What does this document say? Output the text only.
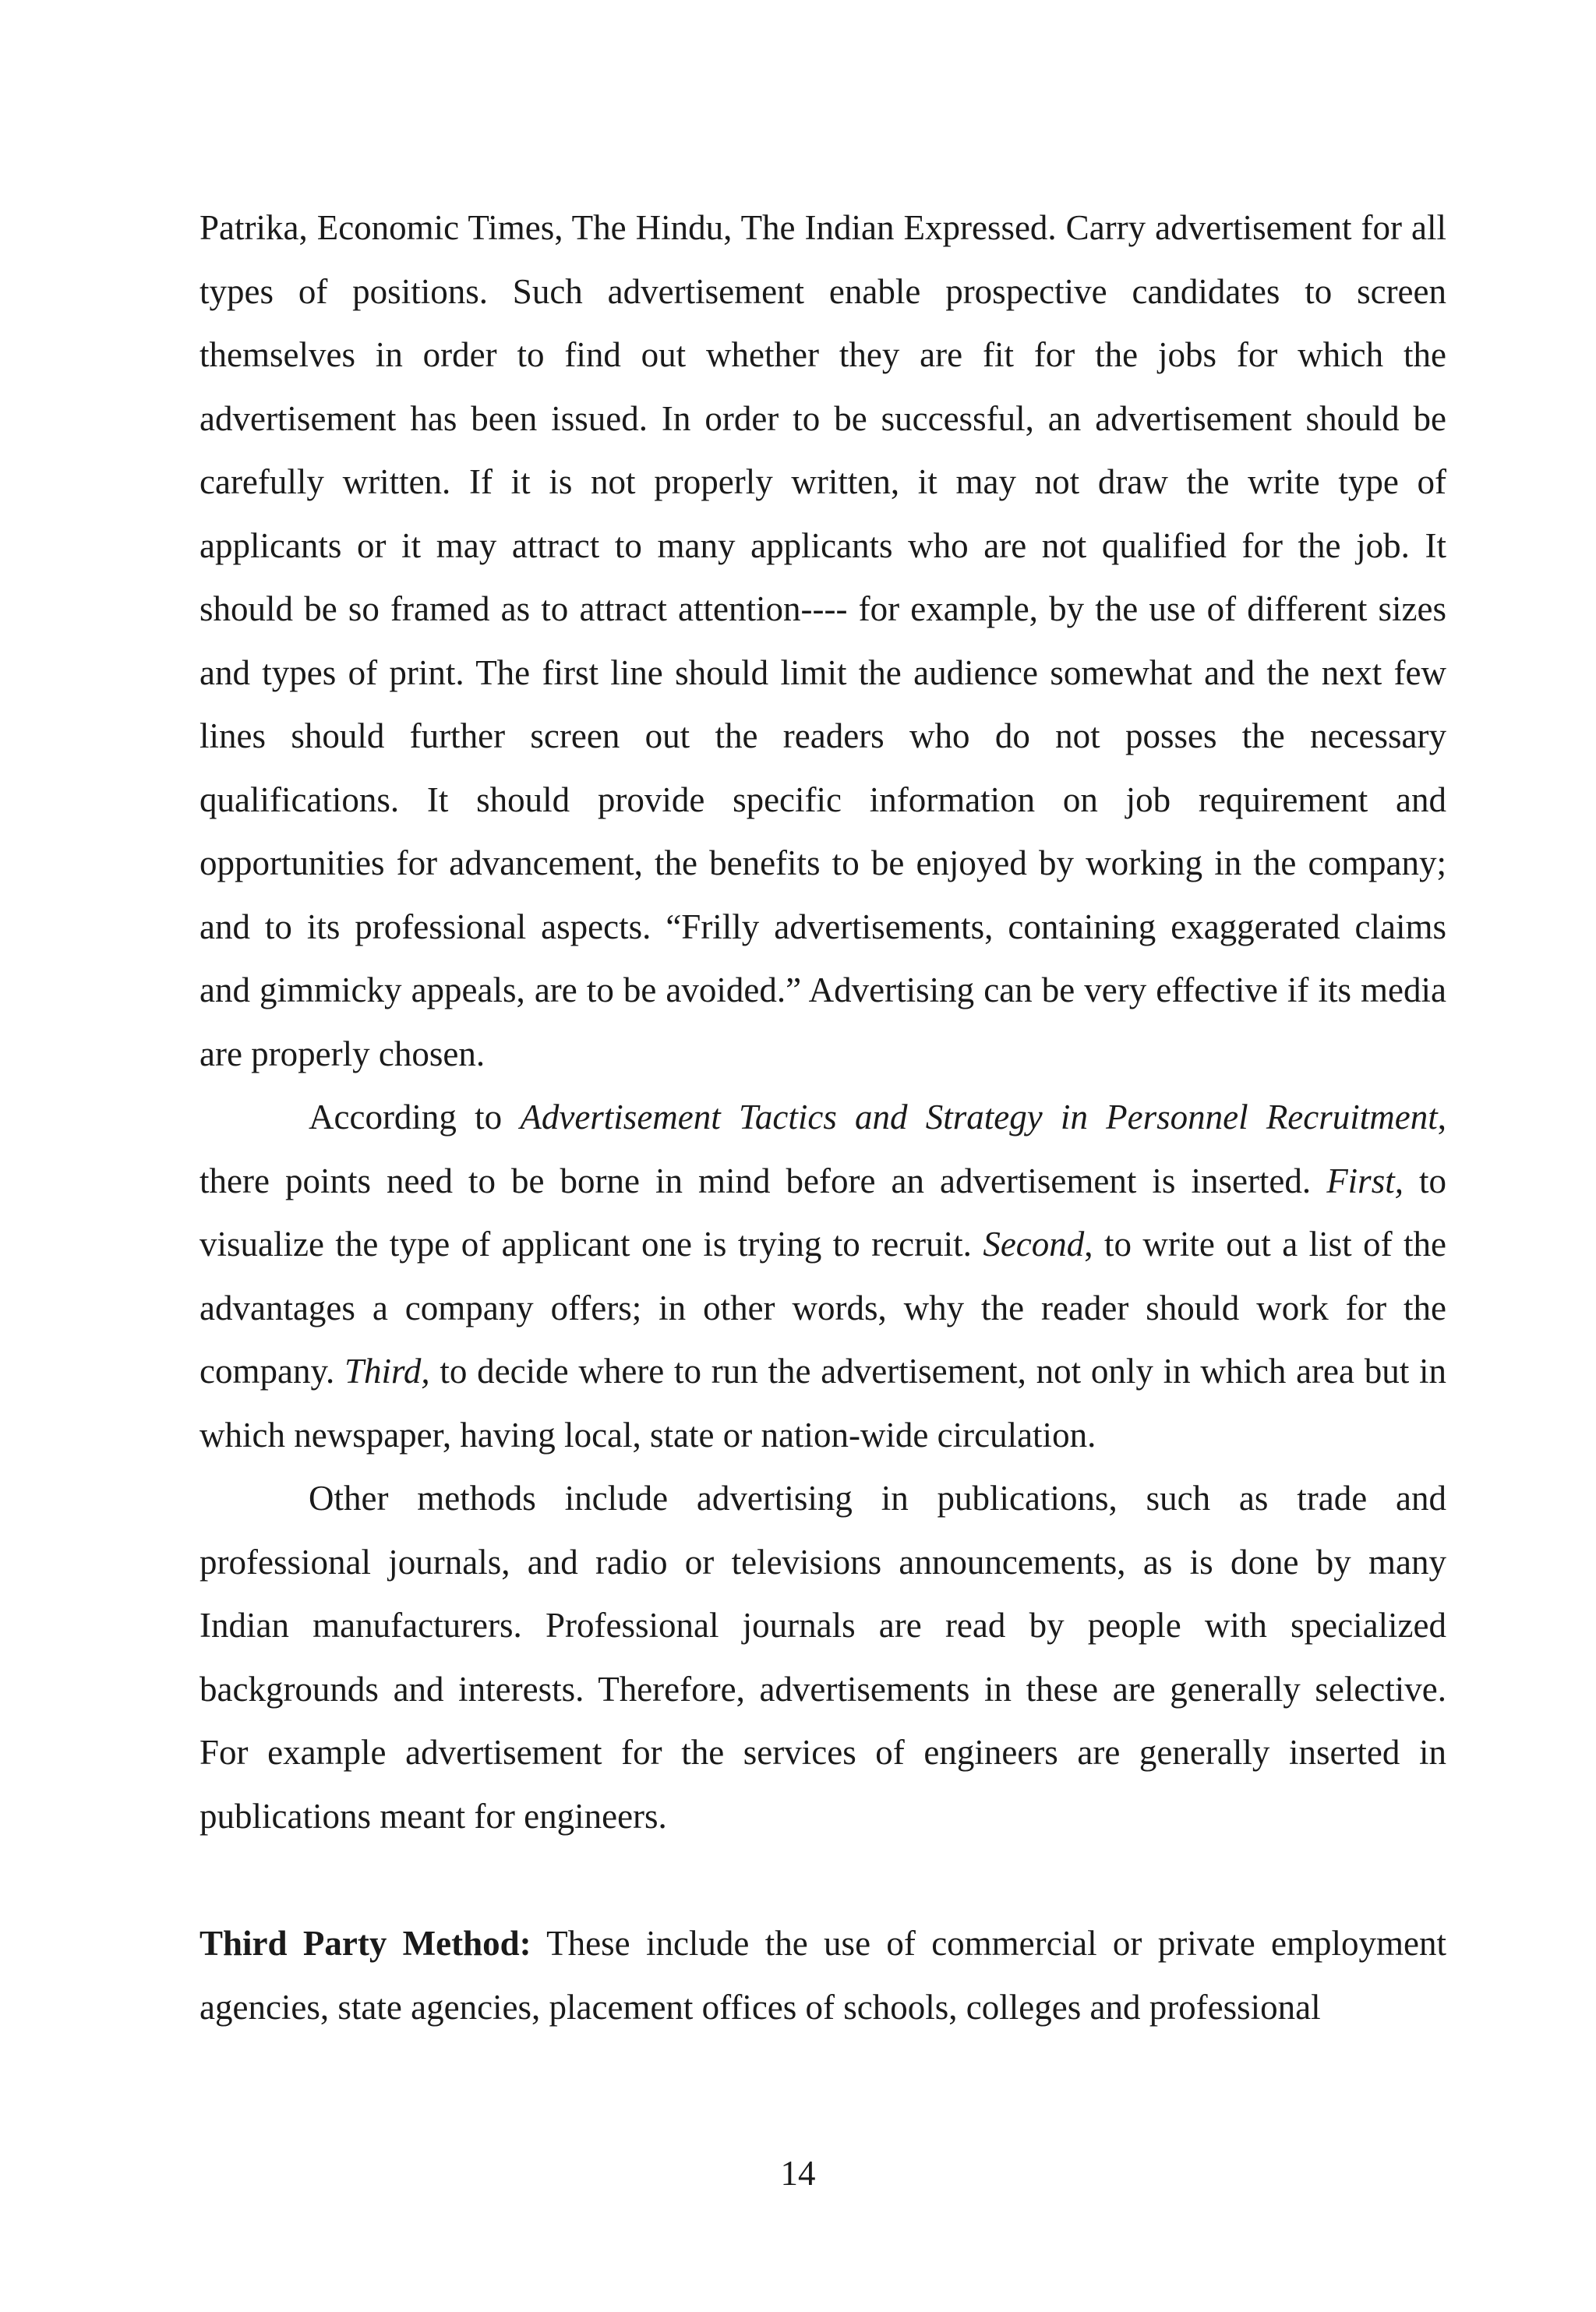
Patrika, Economic Times, The Hindu, The Indian Expressed. Carry advertisement for all types of positions. Such advertisement enable prospective candidates to screen themselves in order to find out whether they are fit for the jobs for which the advertisement has been issued. In order to be successful, an advertisement should be carefully written. If it is not properly written, it may not draw the write type of applicants or it may attract to many applicants who are not qualified for the job. It should be so framed as to attract attention---- for example, by the use of different sizes and types of print. The first line should limit the audience somewhat and the next few lines should further screen out the readers who do not posses the necessary qualifications. It should provide specific information on job requirement and opportunities for advancement, the benefits to be enjoyed by working in the company; and to its professional aspects. “Frilly advertisements, containing exaggerated claims and gimmicky appeals, are to be avoided.” Advertising can be very effective if its media are properly chosen.

According to Advertisement Tactics and Strategy in Personnel Recruitment, there points need to be borne in mind before an advertisement is inserted. First, to visualize the type of applicant one is trying to recruit. Second, to write out a list of the advantages a company offers; in other words, why the reader should work for the company. Third, to decide where to run the advertisement, not only in which area but in which newspaper, having local, state or nation-wide circulation.

Other methods include advertising in publications, such as trade and professional journals, and radio or televisions announcements, as is done by many Indian manufacturers. Professional journals are read by people with specialized backgrounds and interests. Therefore, advertisements in these are generally selective. For example advertisement for the services of engineers are generally inserted in publications meant for engineers.

Third Party Method: These include the use of commercial or private employment agencies, state agencies, placement offices of schools, colleges and professional

14
